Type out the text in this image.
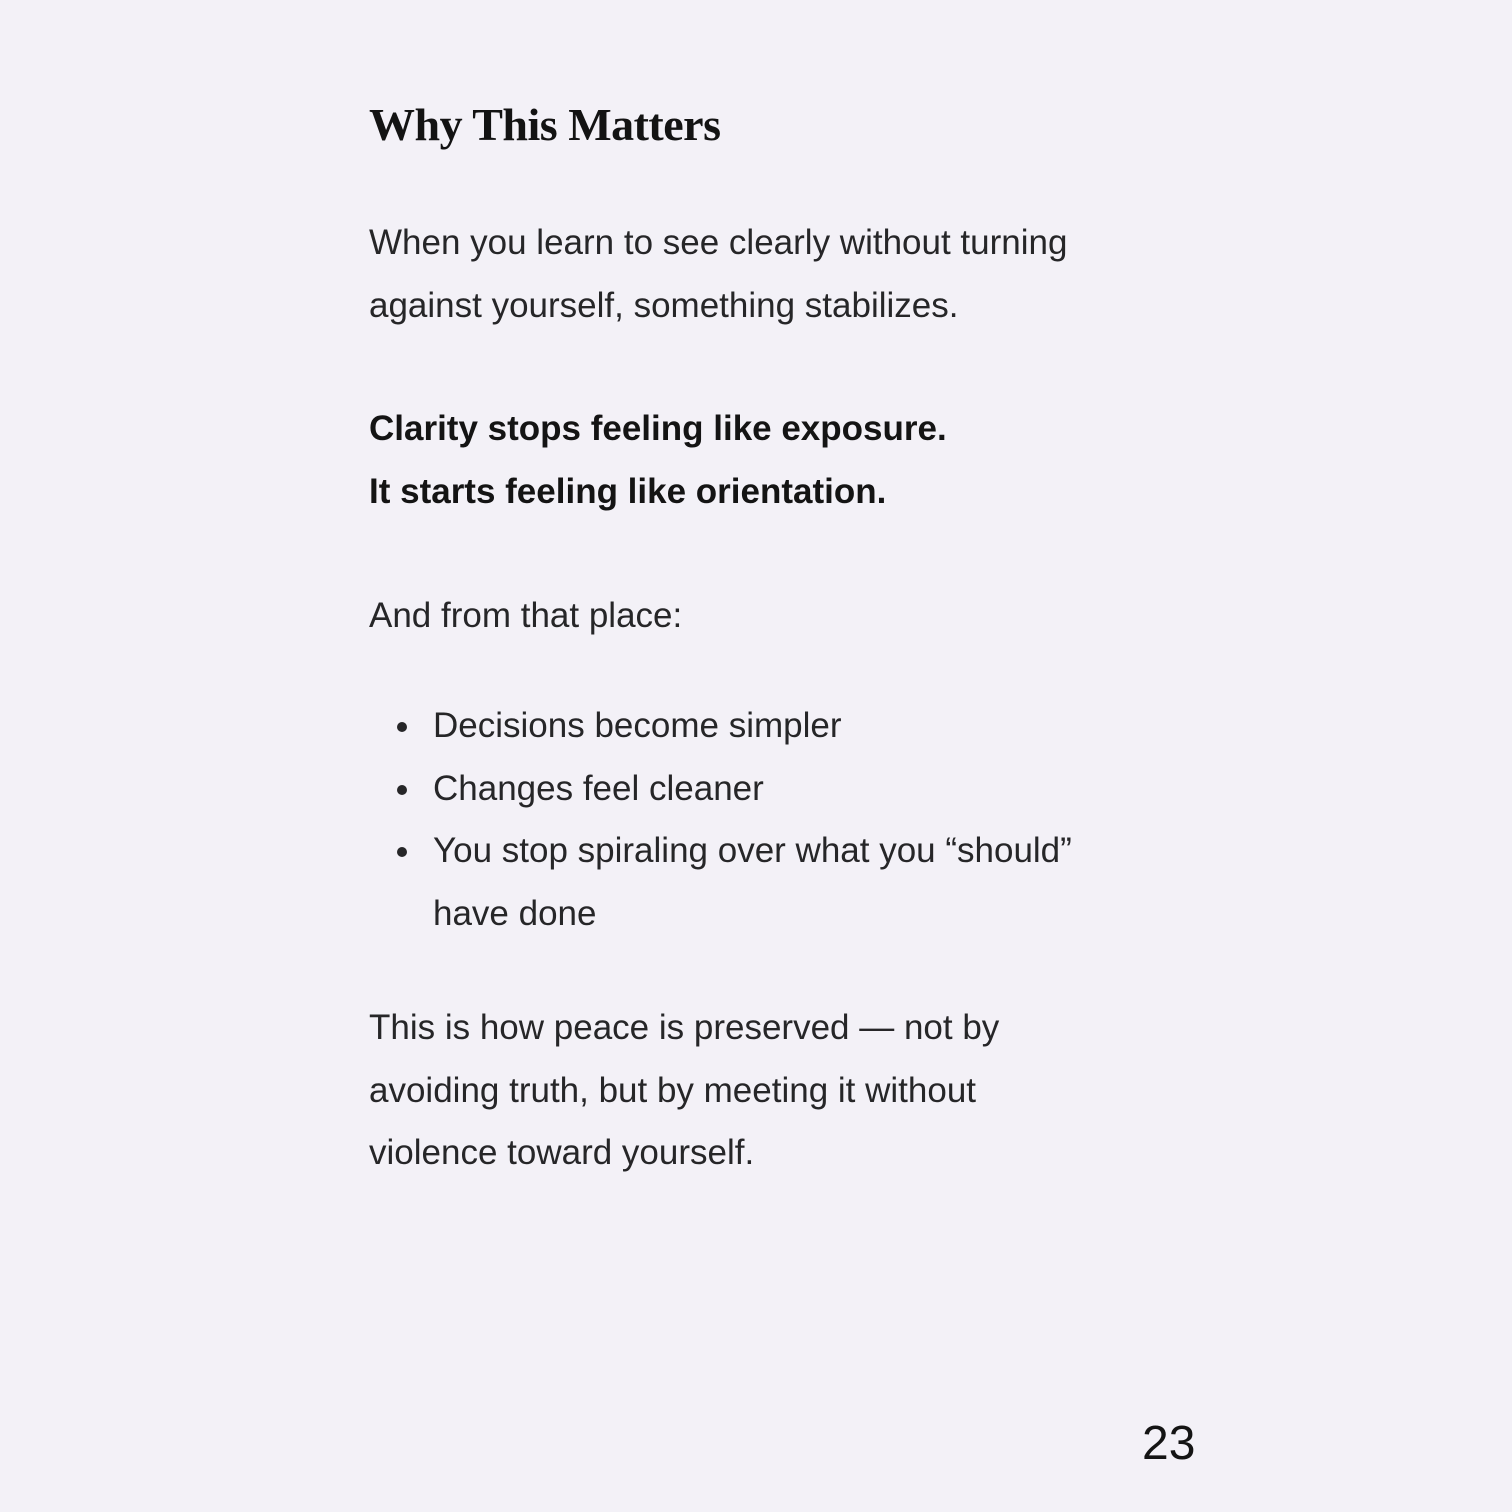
Why This Matters

When you learn to see clearly without turning against yourself, something stabilizes.

Clarity stops feeling like exposure.
It starts feeling like orientation.

And from that place:

Decisions become simpler
Changes feel cleaner
You stop spiraling over what you “should” have done

This is how peace is preserved — not by avoiding truth, but by meeting it without violence toward yourself.

23
